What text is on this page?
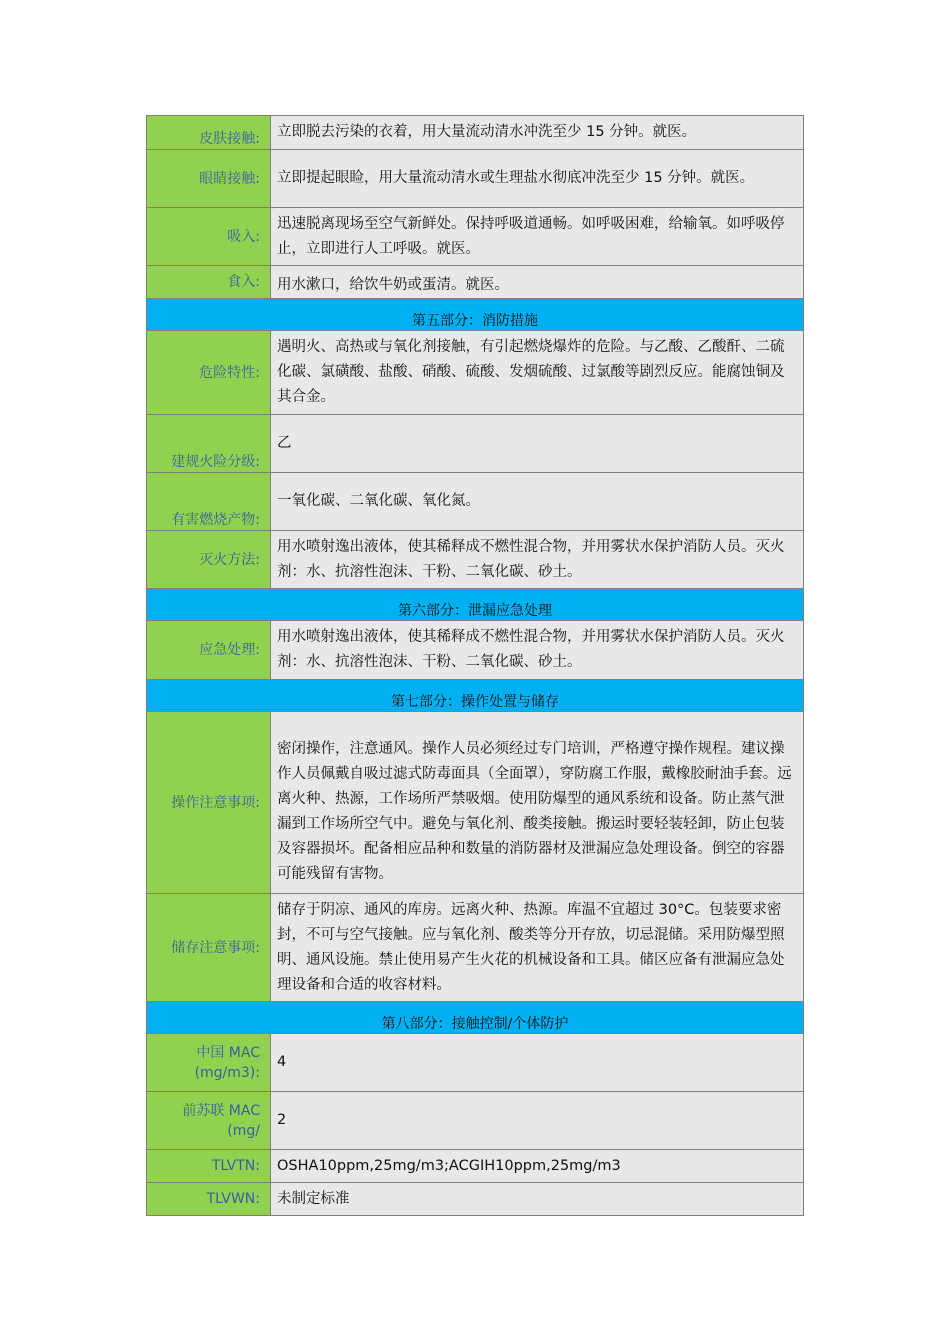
皮肤接触:	立即脱去污染的衣着，用大量流动清水冲洗至少 15 分钟。就医。
眼睛接触:	立即提起眼睑，用大量流动清水或生理盐水彻底冲洗至少 15 分钟。就医。
吸入:	迅速脱离现场至空气新鲜处。保持呼吸道通畅。如呼吸困难，给输氧。如呼吸停止，立即进行人工呼吸。就医。
食入:	用水漱口，给饮牛奶或蛋清。就医。
第五部分：消防措施	
危险特性:	遇明火、高热或与氧化剂接触，有引起燃烧爆炸的危险。与乙酸、乙酸酐、二硫化碳、氯磺酸、盐酸、硝酸、硫酸、发烟硫酸、过氯酸等剧烈反应。能腐蚀铜及其合金。
建规火险分级:	乙
有害燃烧产物:	一氧化碳、二氧化碳、氧化氮。
灭火方法:	用水喷射逸出液体，使其稀释成不燃性混合物，并用雾状水保护消防人员。灭火剂：水、抗溶性泡沫、干粉、二氧化碳、砂土。
第六部分：泄漏应急处理	
应急处理:	用水喷射逸出液体，使其稀释成不燃性混合物，并用雾状水保护消防人员。灭火剂：水、抗溶性泡沫、干粉、二氧化碳、砂土。
第七部分：操作处置与储存	
操作注意事项:	密闭操作，注意通风。操作人员必须经过专门培训，严格遵守操作规程。建议操作人员佩戴自吸过滤式防毒面具（全面罩），穿防腐工作服，戴橡胶耐油手套。远离火种、热源，工作场所严禁吸烟。使用防爆型的通风系统和设备。防止蒸气泄漏到工作场所空气中。避免与氧化剂、酸类接触。搬运时要轻装轻卸，防止包装及容器损坏。配备相应品种和数量的消防器材及泄漏应急处理设备。倒空的容器可能残留有害物。
储存注意事项:	储存于阴凉、通风的库房。远离火种、热源。库温不宜超过 30°C。包装要求密封，不可与空气接触。应与氧化剂、酸类等分开存放，切忌混储。采用防爆型照明、通风设施。禁止使用易产生火花的机械设备和工具。储区应备有泄漏应急处理设备和合适的收容材料。
第八部分：接触控制/个体防护	
中国 MAC (mg/m3):	4
前苏联 MAC (mg/	2
TLVTN:	OSHA10ppm,25mg/m3;ACGIH10ppm,25mg/m3
TLVWN:	未制定标准
